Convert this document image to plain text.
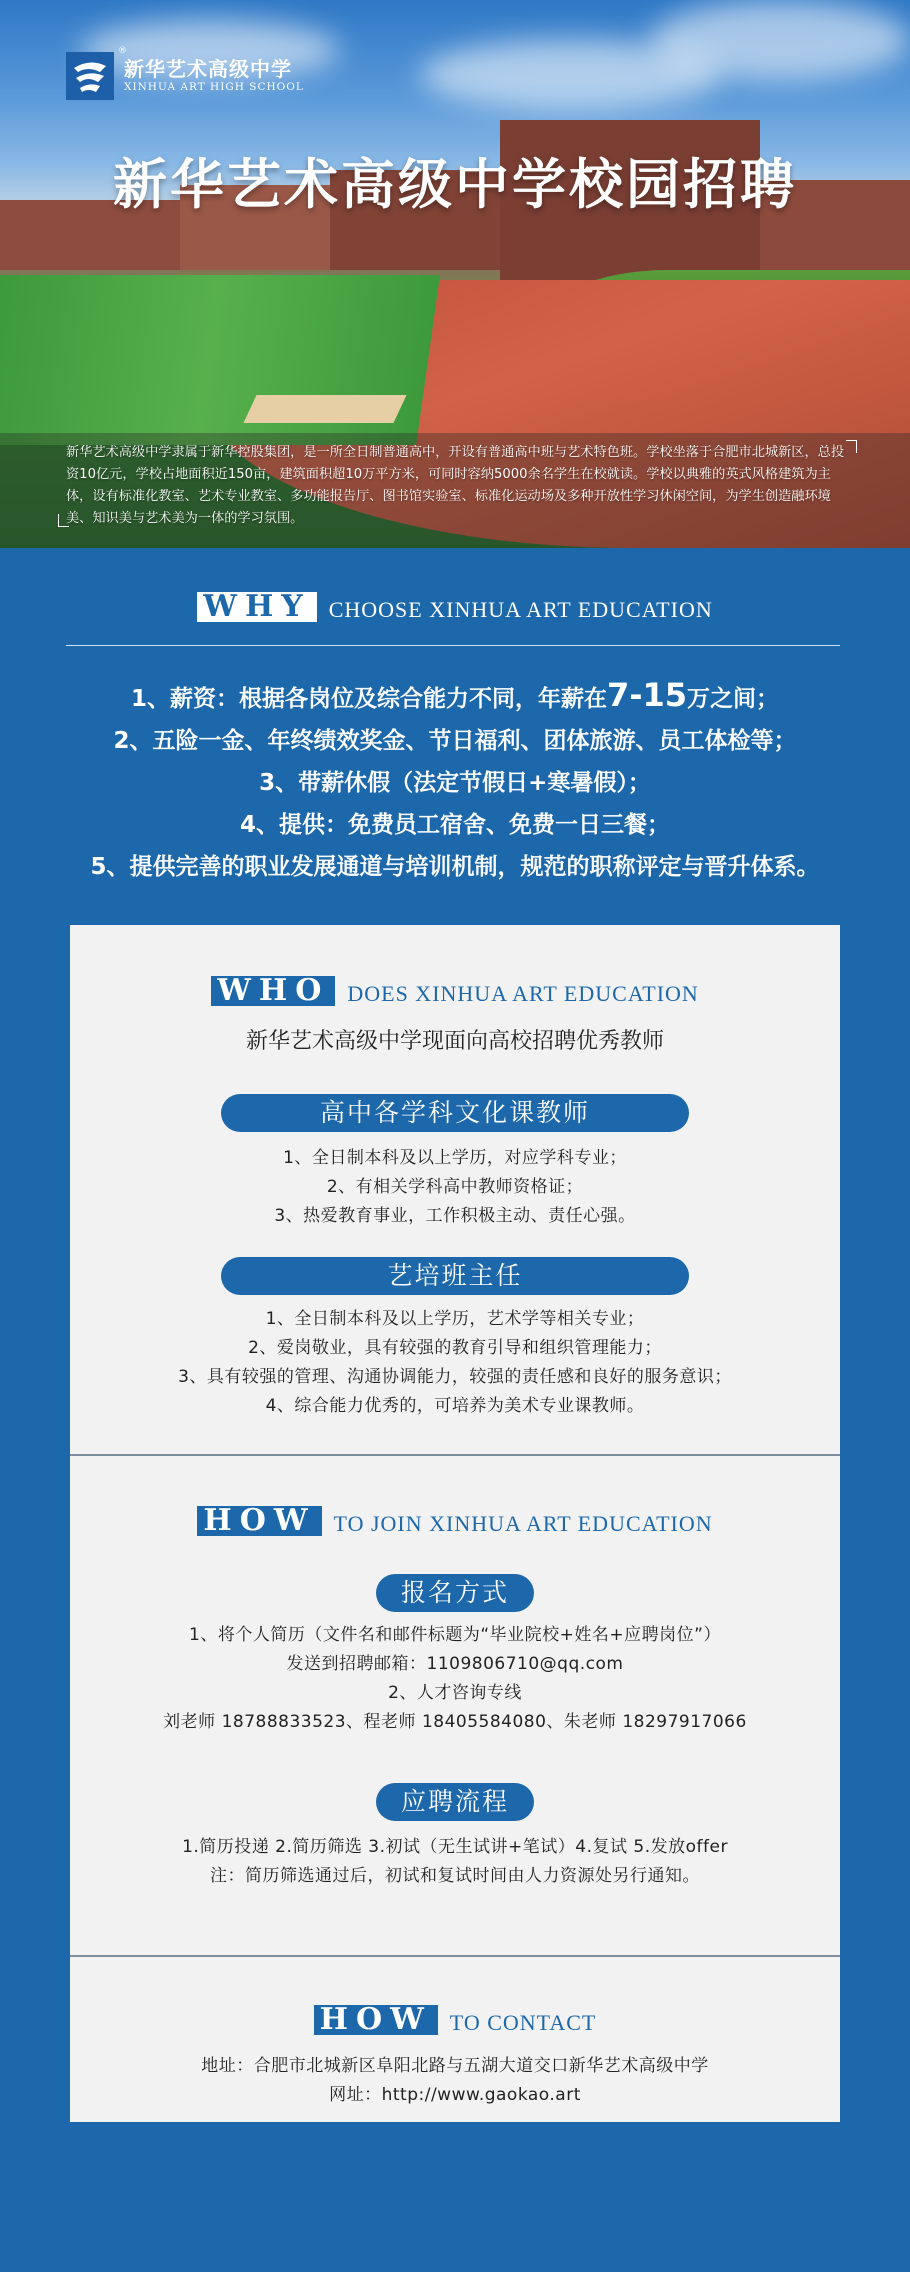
®
新华艺术高级中学
XINHUA ART HIGH SCHOOL
新华艺术高级中学校园招聘
新华艺术高级中学隶属于新华控股集团，是一所全日制普通高中，开设有普通高中班与艺术特色班。学校坐落于合肥市北城新区，总投资10亿元，学校占地面积近150亩，建筑面积超10万平方米，可同时容纳5000余名学生在校就读。学校以典雅的英式风格建筑为主体，设有标准化教室、艺术专业教室、多功能报告厅、图书馆实验室、标准化运动场及多种开放性学习休闲空间，为学生创造融环境美、知识美与艺术美为一体的学习氛围。
WHY CHOOSE XINHUA ART EDUCATION
1、薪资：根据各岗位及综合能力不同，年薪在7-15万之间；
2、五险一金、年终绩效奖金、节日福利、团体旅游、员工体检等；
3、带薪休假（法定节假日+寒暑假）；
4、提供：免费员工宿舍、免费一日三餐；
5、提供完善的职业发展通道与培训机制，规范的职称评定与晋升体系。
WHO DOES XINHUA ART EDUCATION
新华艺术高级中学现面向高校招聘优秀教师
高中各学科文化课教师
1、全日制本科及以上学历，对应学科专业；
2、有相关学科高中教师资格证；
3、热爱教育事业，工作积极主动、责任心强。
艺培班主任
1、全日制本科及以上学历，艺术学等相关专业；
2、爱岗敬业，具有较强的教育引导和组织管理能力；
3、具有较强的管理、沟通协调能力，较强的责任感和良好的服务意识；
4、综合能力优秀的，可培养为美术专业课教师。
HOW TO JOIN XINHUA ART EDUCATION
报名方式
1、将个人简历（文件名和邮件标题为“毕业院校+姓名+应聘岗位”）
发送到招聘邮箱：1109806710@qq.com
2、人才咨询专线
刘老师 18788833523、程老师 18405584080、朱老师 18297917066
应聘流程
1.简历投递 2.简历筛选 3.初试（无生试讲+笔试）4.复试 5.发放offer
注：简历筛选通过后，初试和复试时间由人力资源处另行通知。
HOW TO CONTACT
地址：合肥市北城新区阜阳北路与五湖大道交口新华艺术高级中学
网址：http://www.gaokao.art
